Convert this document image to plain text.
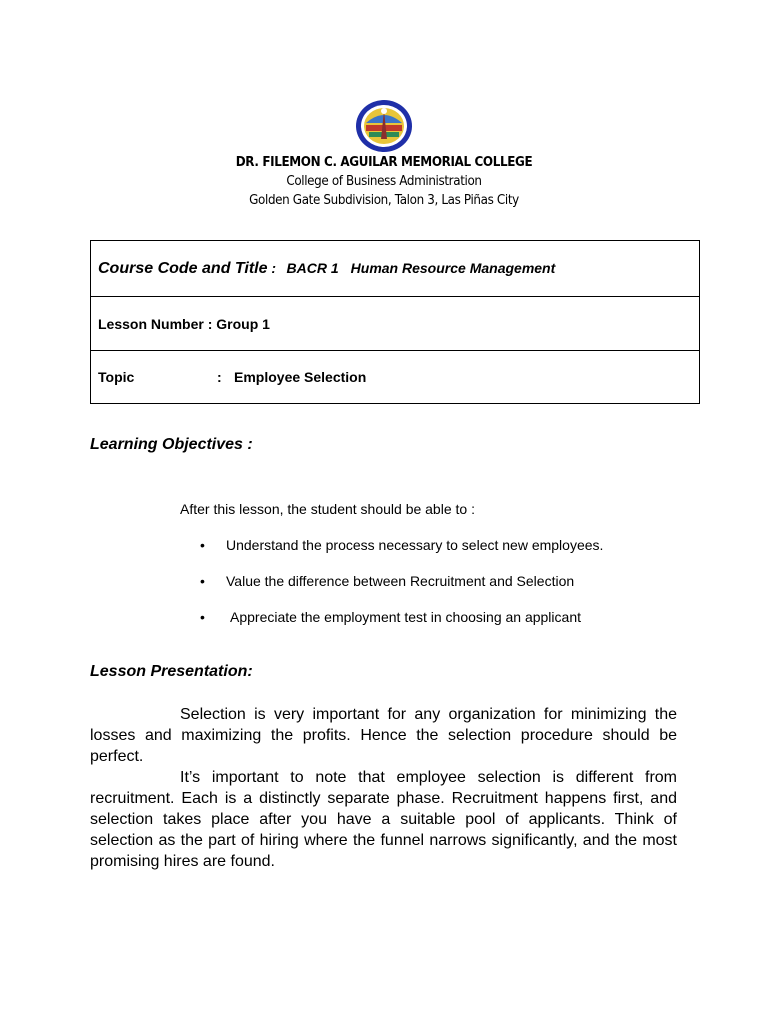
DR. FILEMON C. AGUILAR MEMORIAL COLLEGE
College of Business Administration
Golden Gate Subdivision, Talon 3, Las Piñas City
Course Code and Title : BACR 1 Human Resource Management
Lesson Number : Group 1
Topic	: Employee Selection
Learning Objectives :
After this lesson, the student should be able to :
• Understand the process necessary to select new employees.
• Value the difference between Recruitment and Selection
• Appreciate the employment test in choosing an applicant
Lesson Presentation:

Selection is very important for any organization for minimizing the losses and maximizing the profits. Hence the selection procedure should be perfect.

It’s important to note that employee selection is different from recruitment. Each is a distinctly separate phase. Recruitment happens first, and selection takes place after you have a suitable pool of applicants. Think of selection as the part of hiring where the funnel narrows significantly, and the most promising hires are found.
